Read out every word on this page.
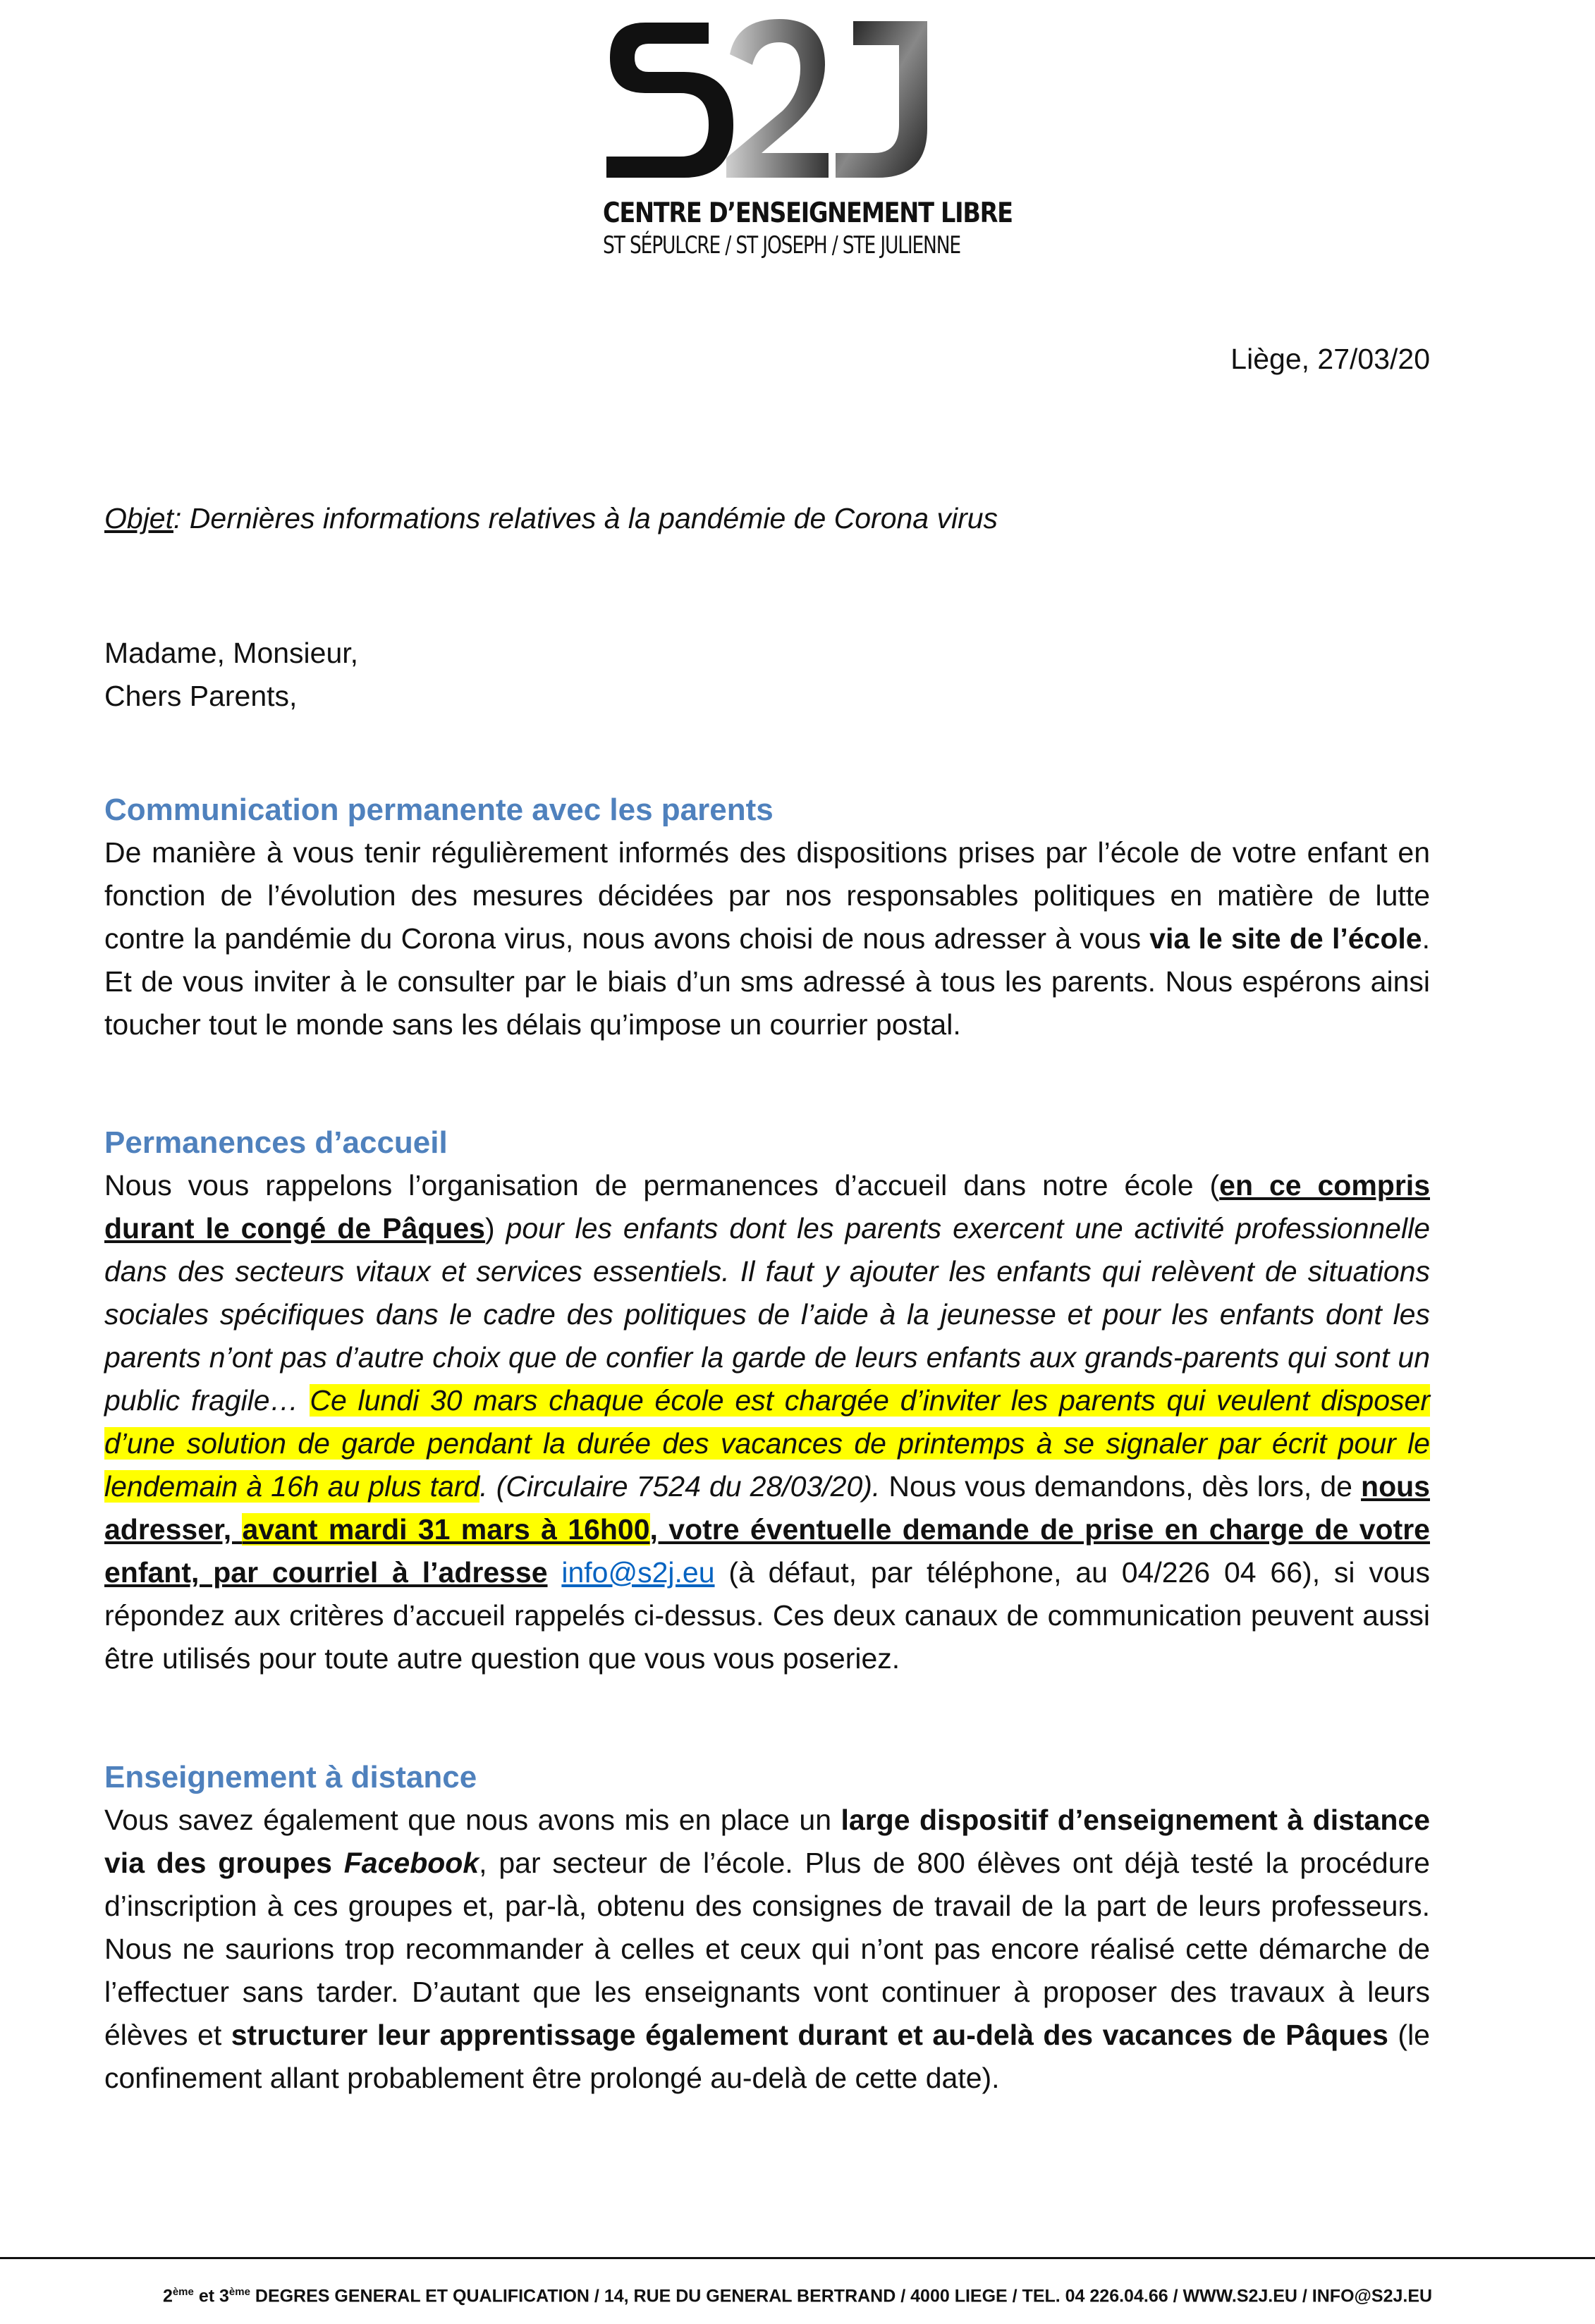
CENTRE D’ENSEIGNEMENT LIBRE
ST SÉPULCRE / ST JOSEPH / STE JULIENNE
Liège, 27/03/20
Objet: Dernières informations relatives à la pandémie de Corona virus
Madame, Monsieur,
Chers Parents,
Communication permanente avec les parents

De manière à vous tenir régulièrement informés des dispositions prises par l’école de votre enfant en fonction de l’évolution des mesures décidées par nos responsables politiques en matière de lutte contre la pandémie du Corona virus, nous avons choisi de nous adresser à vous via le site de l’école. Et de vous inviter à le consulter par le biais d’un sms adressé à tous les parents. Nous espérons ainsi toucher tout le monde sans les délais qu’impose un courrier postal.

Permanences d’accueil

Nous vous rappelons l’organisation de permanences d’accueil dans notre école (en ce compris durant le congé de Pâques) pour les enfants dont les parents exercent une activité professionnelle dans des secteurs vitaux et services essentiels. Il faut y ajouter les enfants qui relèvent de situations sociales spécifiques dans le cadre des politiques de l’aide à la jeunesse et pour les enfants dont les parents n’ont pas d’autre choix que de confier la garde de leurs enfants aux grands-parents qui sont un public fragile… Ce lundi 30 mars chaque école est chargée d’inviter les parents qui veulent disposer d’une solution de garde pendant la durée des vacances de printemps à se signaler par écrit pour le lendemain à 16h au plus tard. (Circulaire 7524 du 28/03/20). Nous vous demandons, dès lors, de nous adresser, avant mardi 31 mars à 16h00, votre éventuelle demande de prise en charge de votre enfant, par courriel à l’adresse info@s2j.eu (à défaut, par téléphone, au 04/226 04 66), si vous répondez aux critères d’accueil rappelés ci-dessus. Ces deux canaux de communication peuvent aussi être utilisés pour toute autre question que vous vous poseriez.

Enseignement à distance

Vous savez également que nous avons mis en place un large dispositif d’enseignement à distance via des groupes Facebook, par secteur de l’école. Plus de 800 élèves ont déjà testé la procédure d’inscription à ces groupes et, par-là, obtenu des consignes de travail de la part de leurs professeurs. Nous ne saurions trop recommander à celles et ceux qui n’ont pas encore réalisé cette démarche de l’effectuer sans tarder. D’autant que les enseignants vont continuer à proposer des travaux à leurs élèves et structurer leur apprentissage également durant et au-delà des vacances de Pâques (le confinement allant probablement être prolongé au-delà de cette date).

2ème et 3ème DEGRES GENERAL ET QUALIFICATION / 14, RUE DU GENERAL BERTRAND / 4000 LIEGE / TEL. 04 226.04.66 / WWW.S2J.EU / INFO@S2J.EU
